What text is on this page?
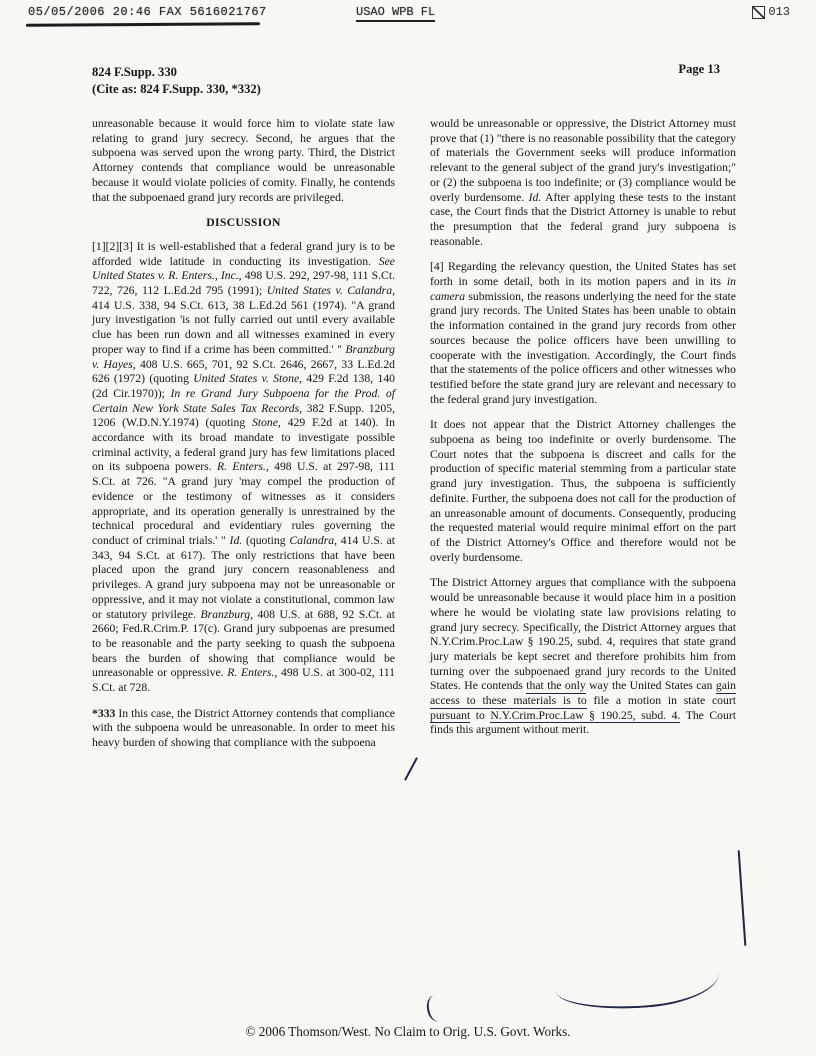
05/05/2006 20:46 FAX 5616021767	USAO WPB FL	013
824 F.Supp. 330
(Cite as: 824 F.Supp. 330, *332)
Page 13

unreasonable because it would force him to violate state law relating to grand jury secrecy. Second, he argues that the subpoena was served upon the wrong party. Third, the District Attorney contends that compliance would be unreasonable because it would violate policies of comity. Finally, he contends that the subpoenaed grand jury records are privileged.

DISCUSSION

[1][2][3] It is well-established that a federal grand jury is to be afforded wide latitude in conducting its investigation. See United States v. R. Enters., Inc., 498 U.S. 292, 297-98, 111 S.Ct. 722, 726, 112 L.Ed.2d 795 (1991); United States v. Calandra, 414 U.S. 338, 94 S.Ct. 613, 38 L.Ed.2d 561 (1974). "A grand jury investigation 'is not fully carried out until every available clue has been run down and all witnesses examined in every proper way to find if a crime has been committed.' " Branzburg v. Hayes, 408 U.S. 665, 701, 92 S.Ct. 2646, 2667, 33 L.Ed.2d 626 (1972) (quoting United States v. Stone, 429 F.2d 138, 140 (2d Cir.1970)); In re Grand Jury Subpoena for the Prod. of Certain New York State Sales Tax Records, 382 F.Supp. 1205, 1206 (W.D.N.Y.1974) (quoting Stone, 429 F.2d at 140). In accordance with its broad mandate to investigate possible criminal activity, a federal grand jury has few limitations placed on its subpoena powers. R. Enters., 498 U.S. at 297-98, 111 S.Ct. at 726. "A grand jury 'may compel the production of evidence or the testimony of witnesses as it considers appropriate, and its operation generally is unrestrained by the technical procedural and evidentiary rules governing the conduct of criminal trials.' " Id. (quoting Calandra, 414 U.S. at 343, 94 S.Ct. at 617). The only restrictions that have been placed upon the grand jury concern reasonableness and privileges. A grand jury subpoena may not be unreasonable or oppressive, and it may not violate a constitutional, common law or statutory privilege. Branzburg, 408 U.S. at 688, 92 S.Ct. at 2660; Fed.R.Crim.P. 17(c). Grand jury subpoenas are presumed to be reasonable and the party seeking to quash the subpoena bears the burden of showing that compliance would be unreasonable or oppressive. R. Enters., 498 U.S. at 300-02, 111 S.Ct. at 728.

*333 In this case, the District Attorney contends that compliance with the subpoena would be unreasonable. In order to meet his heavy burden of showing that compliance with the subpoena

would be unreasonable or oppressive, the District Attorney must prove that (1) "there is no reasonable possibility that the category of materials the Government seeks will produce information relevant to the general subject of the grand jury's investigation;" or (2) the subpoena is too indefinite; or (3) compliance would be overly burdensome. Id. After applying these tests to the instant case, the Court finds that the District Attorney is unable to rebut the presumption that the federal grand jury subpoena is reasonable.

[4] Regarding the relevancy question, the United States has set forth in some detail, both in its motion papers and in its in camera submission, the reasons underlying the need for the state grand jury records. The United States has been unable to obtain the information contained in the grand jury records from other sources because the police officers have been unwilling to cooperate with the investigation. Accordingly, the Court finds that the statements of the police officers and other witnesses who testified before the state grand jury are relevant and necessary to the federal grand jury investigation.

It does not appear that the District Attorney challenges the subpoena as being too indefinite or overly burdensome. The Court notes that the subpoena is discreet and calls for the production of specific material stemming from a particular state grand jury investigation. Thus, the subpoena is sufficiently definite. Further, the subpoena does not call for the production of an unreasonable amount of documents. Consequently, producing the requested material would require minimal effort on the part of the District Attorney's Office and therefore would not be overly burdensome.

The District Attorney argues that compliance with the subpoena would be unreasonable because it would place him in a position where he would be violating state law provisions relating to grand jury secrecy. Specifically, the District Attorney argues that N.Y.Crim.Proc.Law § 190.25, subd. 4, requires that state grand jury materials be kept secret and therefore prohibits him from turning over the subpoenaed grand jury records to the United States. He contends that the only way the United States can gain access to these materials is to file a motion in state court pursuant to N.Y.Crim.Proc.Law § 190.25, subd. 4. The Court finds this argument without merit.

© 2006 Thomson/West. No Claim to Orig. U.S. Govt. Works.
